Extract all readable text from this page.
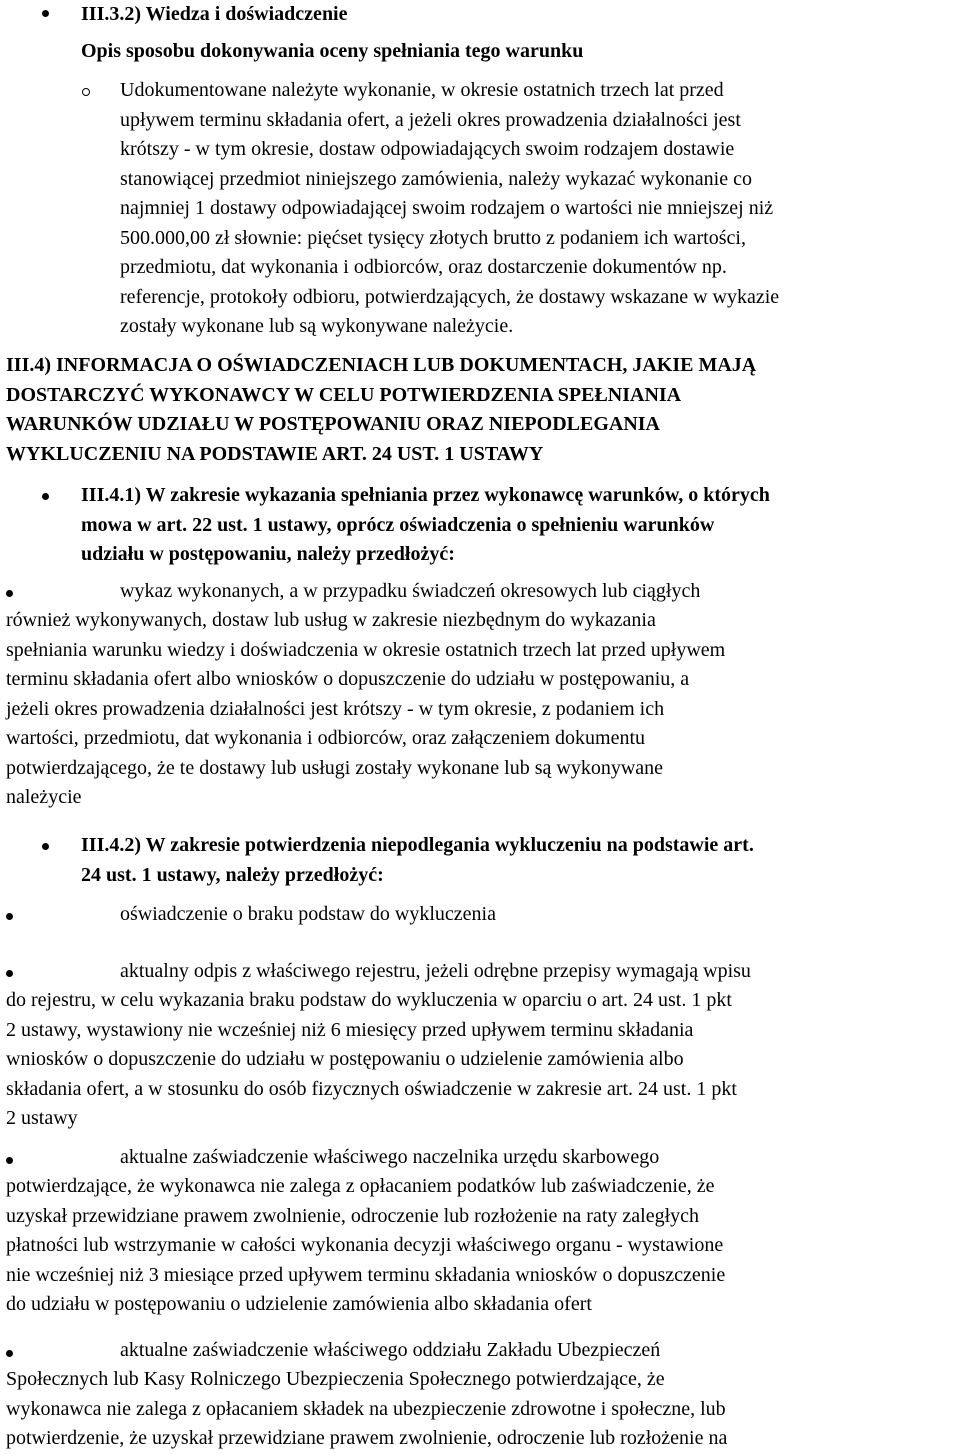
III.3.2) Wiedza i doświadczenie
Opis sposobu dokonywania oceny spełniania tego warunku
Udokumentowane należyte wykonanie, w okresie ostatnich trzech lat przed
upływem terminu składania ofert, a jeżeli okres prowadzenia działalności jest
krótszy - w tym okresie, dostaw odpowiadających swoim rodzajem dostawie
stanowiącej przedmiot niniejszego zamówienia, należy wykazać wykonanie co
najmniej 1 dostawy odpowiadającej swoim rodzajem o wartości nie mniejszej niż
500.000,00 zł słownie: pięćset tysięcy złotych brutto z podaniem ich wartości,
przedmiotu, dat wykonania i odbiorców, oraz dostarczenie dokumentów np.
referencje, protokoły odbioru, potwierdzających, że dostawy wskazane w wykazie
zostały wykonane lub są wykonywane należycie.
III.4) INFORMACJA O OŚWIADCZENIACH LUB DOKUMENTACH, JAKIE MAJĄ
DOSTARCZYĆ WYKONAWCY W CELU POTWIERDZENIA SPEŁNIANIA
WARUNKÓW UDZIAŁU W POSTĘPOWANIU ORAZ NIEPODLEGANIA
WYKLUCZENIU NA PODSTAWIE ART. 24 UST. 1 USTAWY
III.4.1) W zakresie wykazania spełniania przez wykonawcę warunków, o których
mowa w art. 22 ust. 1 ustawy, oprócz oświadczenia o spełnieniu warunków
udziału w postępowaniu, należy przedłożyć:
wykaz wykonanych, a w przypadku świadczeń okresowych lub ciągłych
również wykonywanych, dostaw lub usług w zakresie niezbędnym do wykazania
spełniania warunku wiedzy i doświadczenia w okresie ostatnich trzech lat przed upływem
terminu składania ofert albo wniosków o dopuszczenie do udziału w postępowaniu, a
jeżeli okres prowadzenia działalności jest krótszy - w tym okresie, z podaniem ich
wartości, przedmiotu, dat wykonania i odbiorców, oraz załączeniem dokumentu
potwierdzającego, że te dostawy lub usługi zostały wykonane lub są wykonywane
należycie
III.4.2) W zakresie potwierdzenia niepodlegania wykluczeniu na podstawie art.
24 ust. 1 ustawy, należy przedłożyć:
oświadczenie o braku podstaw do wykluczenia
aktualny odpis z właściwego rejestru, jeżeli odrębne przepisy wymagają wpisu
do rejestru, w celu wykazania braku podstaw do wykluczenia w oparciu o art. 24 ust. 1 pkt
2 ustawy, wystawiony nie wcześniej niż 6 miesięcy przed upływem terminu składania
wniosków o dopuszczenie do udziału w postępowaniu o udzielenie zamówienia albo
składania ofert, a w stosunku do osób fizycznych oświadczenie w zakresie art. 24 ust. 1 pkt
2 ustawy
aktualne zaświadczenie właściwego naczelnika urzędu skarbowego
potwierdzające, że wykonawca nie zalega z opłacaniem podatków lub zaświadczenie, że
uzyskał przewidziane prawem zwolnienie, odroczenie lub rozłożenie na raty zaległych
płatności lub wstrzymanie w całości wykonania decyzji właściwego organu - wystawione
nie wcześniej niż 3 miesiące przed upływem terminu składania wniosków o dopuszczenie
do udziału w postępowaniu o udzielenie zamówienia albo składania ofert
aktualne zaświadczenie właściwego oddziału Zakładu Ubezpieczeń
Społecznych lub Kasy Rolniczego Ubezpieczenia Społecznego potwierdzające, że
wykonawca nie zalega z opłacaniem składek na ubezpieczenie zdrowotne i społeczne, lub
potwierdzenie, że uzyskał przewidziane prawem zwolnienie, odroczenie lub rozłożenie na
